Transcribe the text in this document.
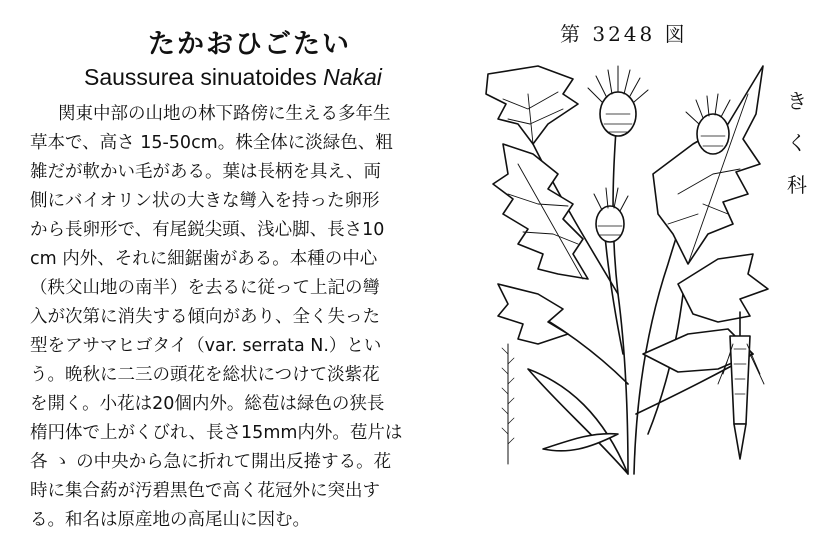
たかおひごたい
Saussurea sinuatoides Nakai
第 3248 図
き
く
科
関東中部の山地の林下路傍に生える多年生
草本で、高さ 15-50cm。株全体に淡緑色、粗
雑だが軟かい毛がある。葉は長柄を具え、両
側にバイオリン状の大きな彎入を持った卵形
から長卵形で、有尾鋭尖頭、浅心脚、長さ10
cm 内外、それに細鋸歯がある。本種の中心
（秩父山地の南半）を去るに従って上記の彎
入が次第に消失する傾向があり、全く失った
型をアサマヒゴタイ（var. serrata N.）とい
う。晩秋に二三の頭花を総状につけて淡紫花
を開く。小花は20個内外。総苞は緑色の狭長
楕円体で上がくびれ、長さ15mm内外。苞片は
各 ゝ の中央から急に折れて開出反捲する。花
時に集合葯が汚碧黒色で高く花冠外に突出す
る。和名は原産地の高尾山に因む。
